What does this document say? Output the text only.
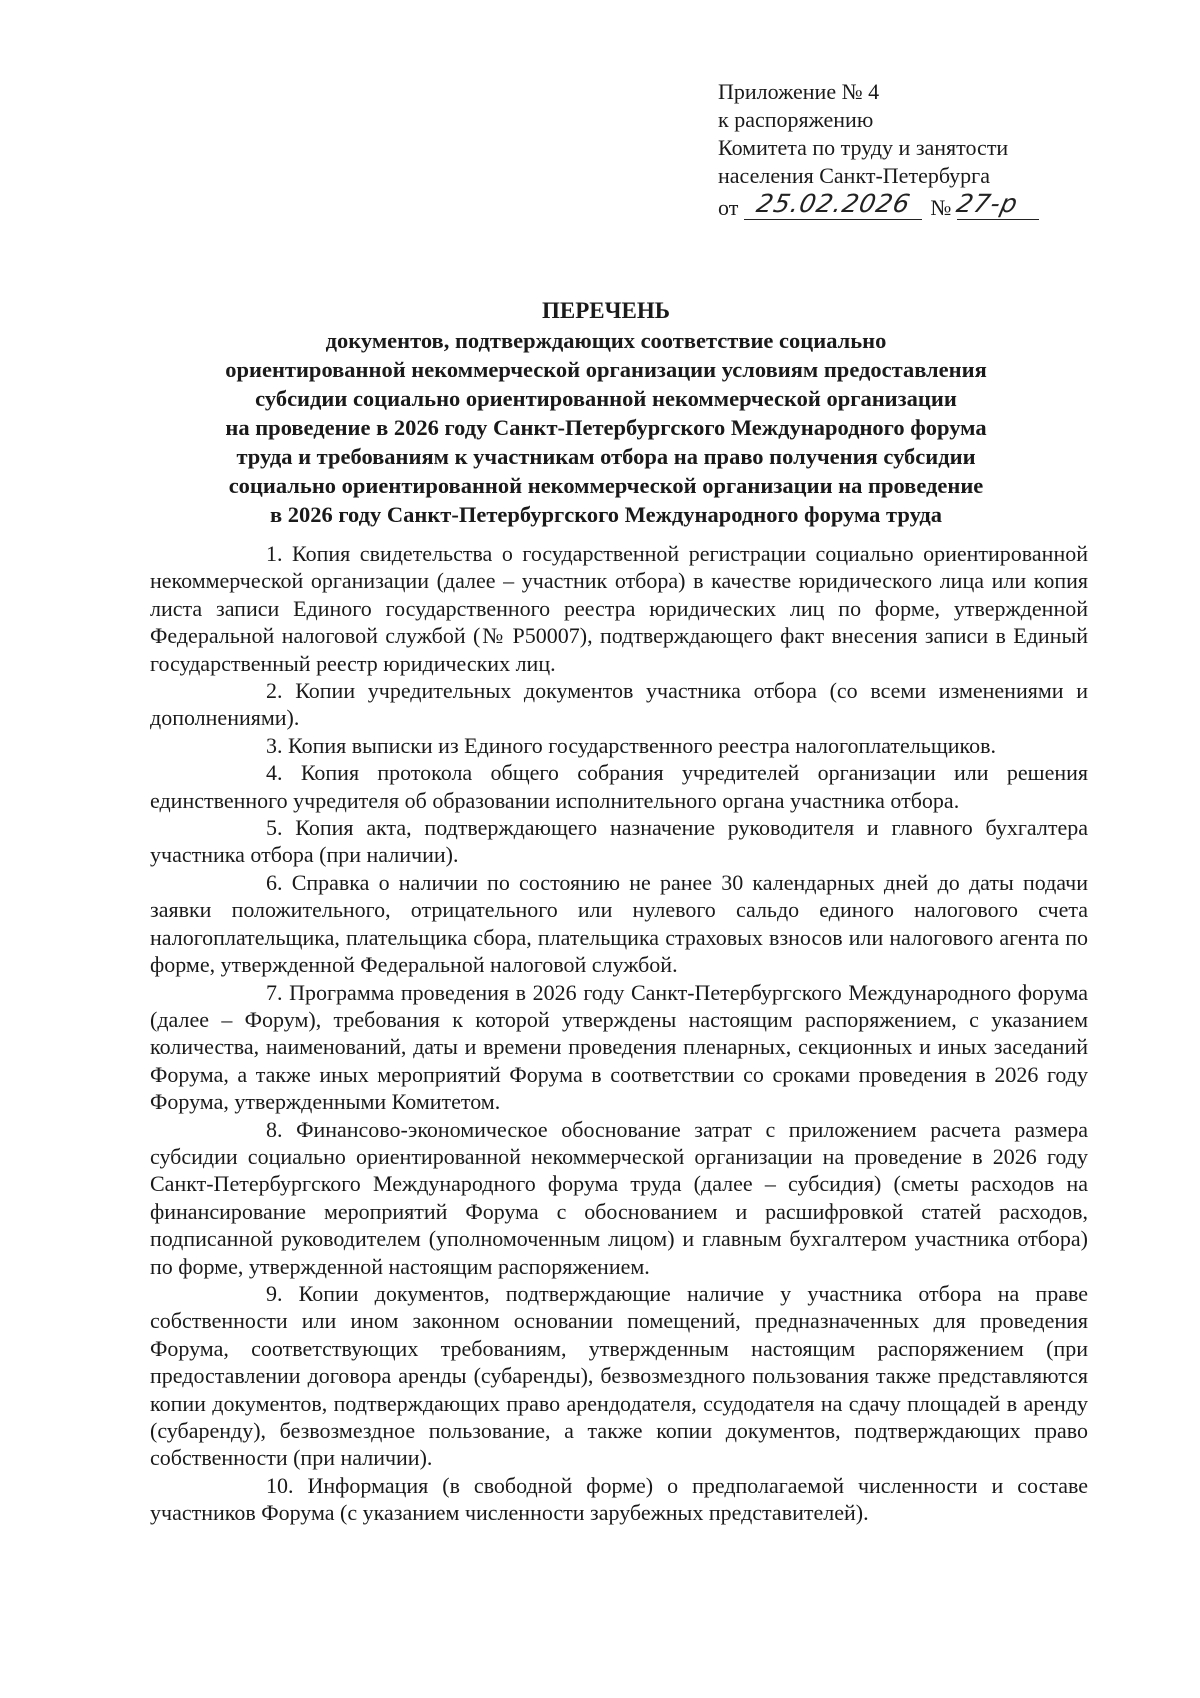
Приложение № 4
к распоряжению
Комитета по труду и занятости
населения Санкт-Петербурга
от 25.02.2026 № 27-р
ПЕРЕЧЕНЬ
документов, подтверждающих соответствие социально
ориентированной некоммерческой организации условиям предоставления
субсидии социально ориентированной некоммерческой организации
на проведение в 2026 году Санкт-Петербургского Международного форума
труда и требованиям к участникам отбора на право получения субсидии
социально ориентированной некоммерческой организации на проведение
в 2026 году Санкт-Петербургского Международного форума труда

1. Копия свидетельства о государственной регистрации социально ориентированной некоммерческой организации (далее – участник отбора) в качестве юридического лица или копия листа записи Единого государственного реестра юридических лиц по форме, утвержденной Федеральной налоговой службой (№ Р50007), подтверждающего факт внесения записи в Единый государственный реестр юридических лиц.

2. Копии учредительных документов участника отбора (со всеми изменениями и дополнениями).

3. Копия выписки из Единого государственного реестра налогоплательщиков.

4. Копия протокола общего собрания учредителей организации или решения единственного учредителя об образовании исполнительного органа участника отбора.

5. Копия акта, подтверждающего назначение руководителя и главного бухгалтера участника отбора (при наличии).

6. Справка о наличии по состоянию не ранее 30 календарных дней до даты подачи заявки положительного, отрицательного или нулевого сальдо единого налогового счета налогоплательщика, плательщика сбора, плательщика страховых взносов или налогового агента по форме, утвержденной Федеральной налоговой службой.

7. Программа проведения в 2026 году Санкт-Петербургского Международного форума (далее – Форум), требования к которой утверждены настоящим распоряжением, с указанием количества, наименований, даты и времени проведения пленарных, секционных и иных заседаний Форума, а также иных мероприятий Форума в соответствии со сроками проведения в 2026 году Форума, утвержденными Комитетом.

8. Финансово-экономическое обоснование затрат с приложением расчета размера субсидии социально ориентированной некоммерческой организации на проведение в 2026 году Санкт-Петербургского Международного форума труда (далее – субсидия) (сметы расходов на финансирование мероприятий Форума с обоснованием и расшифровкой статей расходов, подписанной руководителем (уполномоченным лицом) и главным бухгалтером участника отбора) по форме, утвержденной настоящим распоряжением.

9. Копии документов, подтверждающие наличие у участника отбора на праве собственности или ином законном основании помещений, предназначенных для проведения Форума, соответствующих требованиям, утвержденным настоящим распоряжением (при предоставлении договора аренды (субаренды), безвозмездного пользования также представляются копии документов, подтверждающих право арендодателя, ссудодателя на сдачу площадей в аренду (субаренду), безвозмездное пользование, а также копии документов, подтверждающих право собственности (при наличии).

10. Информация (в свободной форме) о предполагаемой численности и составе участников Форума (с указанием численности зарубежных представителей).
